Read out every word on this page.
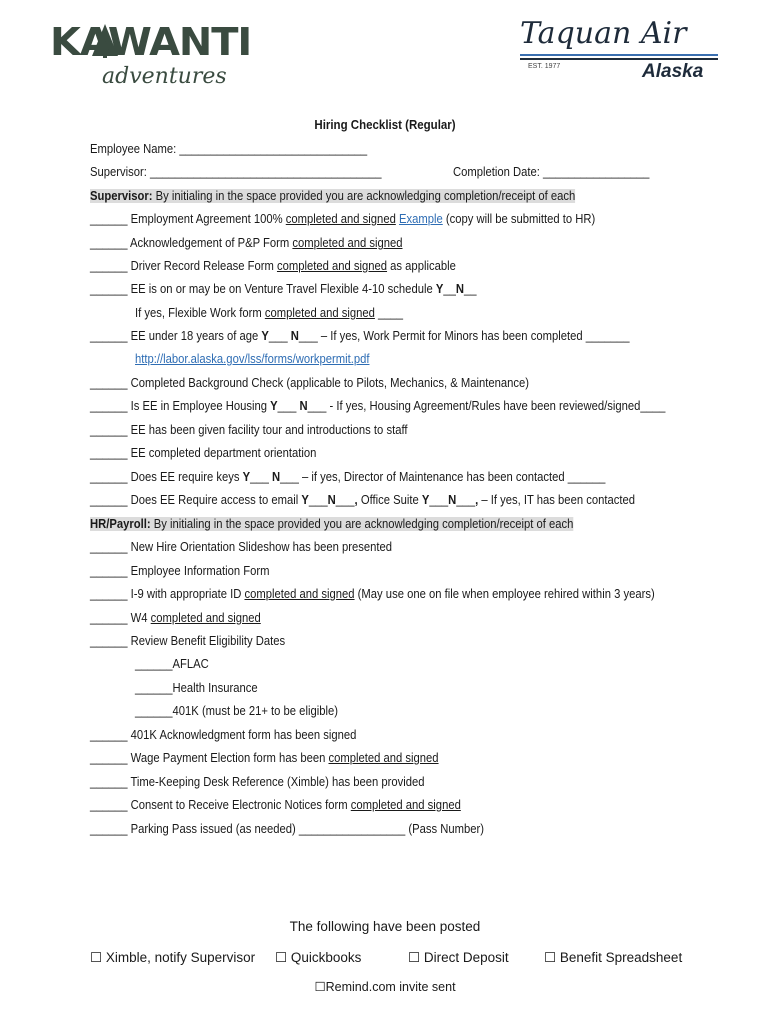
KAWANTI
adventures
Taquan Air
EST. 1977	Alaska
Hiring Checklist (Regular)
Employee Name: ______________________________
Supervisor: _____________________________________	Completion Date: _________________
Supervisor: By initialing in the space provided you are acknowledging completion/receipt of each
______ Employment Agreement 100% completed and signed Example (copy will be submitted to HR)
______ Acknowledgement of P&P Form completed and signed
______ Driver Record Release Form completed and signed as applicable
______ EE is on or may be on Venture Travel Flexible 4-10 schedule Y__N__
If yes, Flexible Work form completed and signed ____
______ EE under 18 years of age Y___ N___ – If yes, Work Permit for Minors has been completed _______
http://labor.alaska.gov/lss/forms/workpermit.pdf
______ Completed Background Check (applicable to Pilots, Mechanics, & Maintenance)
______ Is EE in Employee Housing Y___ N___ - If yes, Housing Agreement/Rules have been reviewed/signed____
______ EE has been given facility tour and introductions to staff
______ EE completed department orientation
______ Does EE require keys Y___ N___ – if yes, Director of Maintenance has been contacted ______
______ Does EE Require access to email Y___N___, Office Suite Y___N___, – If yes, IT has been contacted
HR/Payroll: By initialing in the space provided you are acknowledging completion/receipt of each
______ New Hire Orientation Slideshow has been presented
______ Employee Information Form
______ I-9 with appropriate ID completed and signed (May use one on file when employee rehired within 3 years)
______ W4 completed and signed
______ Review Benefit Eligibility Dates
______AFLAC
______Health Insurance
______401K (must be 21+ to be eligible)
______ 401K Acknowledgment form has been signed
______ Wage Payment Election form has been completed and signed
______ Time-Keeping Desk Reference (Ximble) has been provided
______ Consent to Receive Electronic Notices form completed and signed
______ Parking Pass issued (as needed) _________________ (Pass Number)
The following have been posted
☐ Ximble, notify Supervisor ☐ Quickbooks	☐ Direct Deposit	☐ Benefit Spreadsheet
☐Remind.com invite sent
